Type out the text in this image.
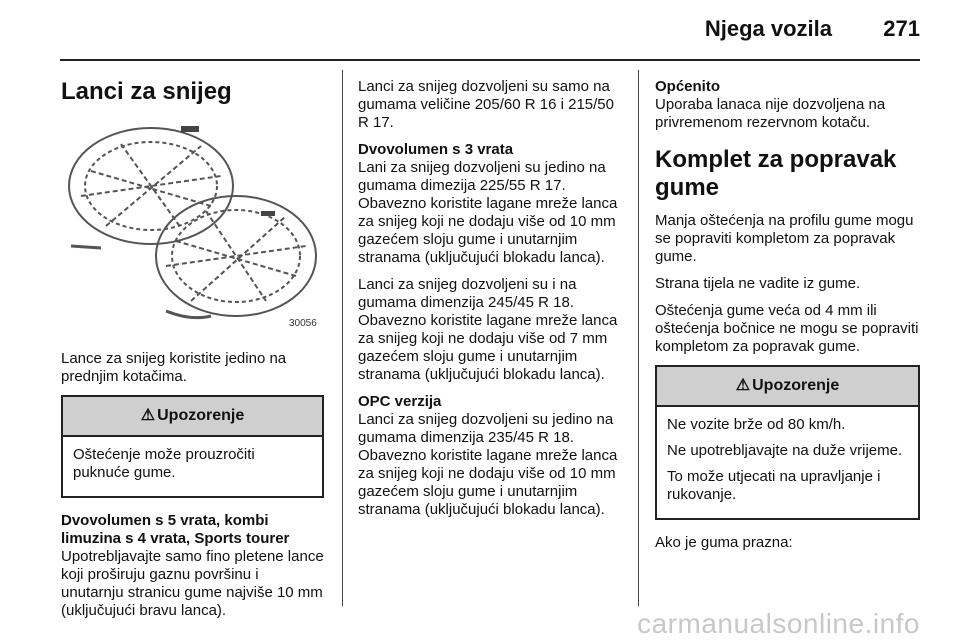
Njega vozila 271
Lanci za snijeg
30056

Lance za snijeg koristite jedino na prednjim kotačima.

⚠ Upozorenje

Oštećenje može prouzročiti puknuće gume.

Dvovolumen s 5 vrata, kombi limuzina s 4 vrata, Sports tourer
Upotrebljavajte samo fino pletene lance koji proširuju gaznu površinu i unutarnju stranicu gume najviše 10 mm (uključujući bravu lanca).

Lanci za snijeg dozvoljeni su samo na gumama veličine 205/60 R 16 i 215/50 R 17.

Dvovolumen s 3 vrata
Lani za snijeg dozvoljeni su jedino na gumama dimezija 225/55 R 17. Obavezno koristite lagane mreže lanca za snijeg koji ne dodaju više od 10 mm gazećem sloju gume i unutarnjim stranama (uključujući blokadu lanca).

Lanci za snijeg dozvoljeni su i na gumama dimenzija 245/45 R 18. Obavezno koristite lagane mreže lanca za snijeg koji ne dodaju više od 7 mm gazećem sloju gume i unutarnjim stranama (uključujući blokadu lanca).

OPC verzija
Lanci za snijeg dozvoljeni su jedino na gumama dimenzija 235/45 R 18. Obavezno koristite lagane mreže lanca za snijeg koji ne dodaju više od 10 mm gazećem sloju gume i unutarnjim stranama (uključujući blokadu lanca).

Općenito
Uporaba lanaca nije dozvoljena na privremenom rezervnom kotaču.

Komplet za popravak gume

Manja oštećenja na profilu gume mogu se popraviti kompletom za popravak gume.

Strana tijela ne vadite iz gume.

Oštećenja gume veća od 4 mm ili oštećenja bočnice ne mogu se popraviti kompletom za popravak gume.

⚠ Upozorenje

Ne vozite brže od 80 km/h.

Ne upotrebljavajte na duže vrijeme.

To može utjecati na upravljanje i rukovanje.

Ako je guma prazna:

carmanualsonline.info
